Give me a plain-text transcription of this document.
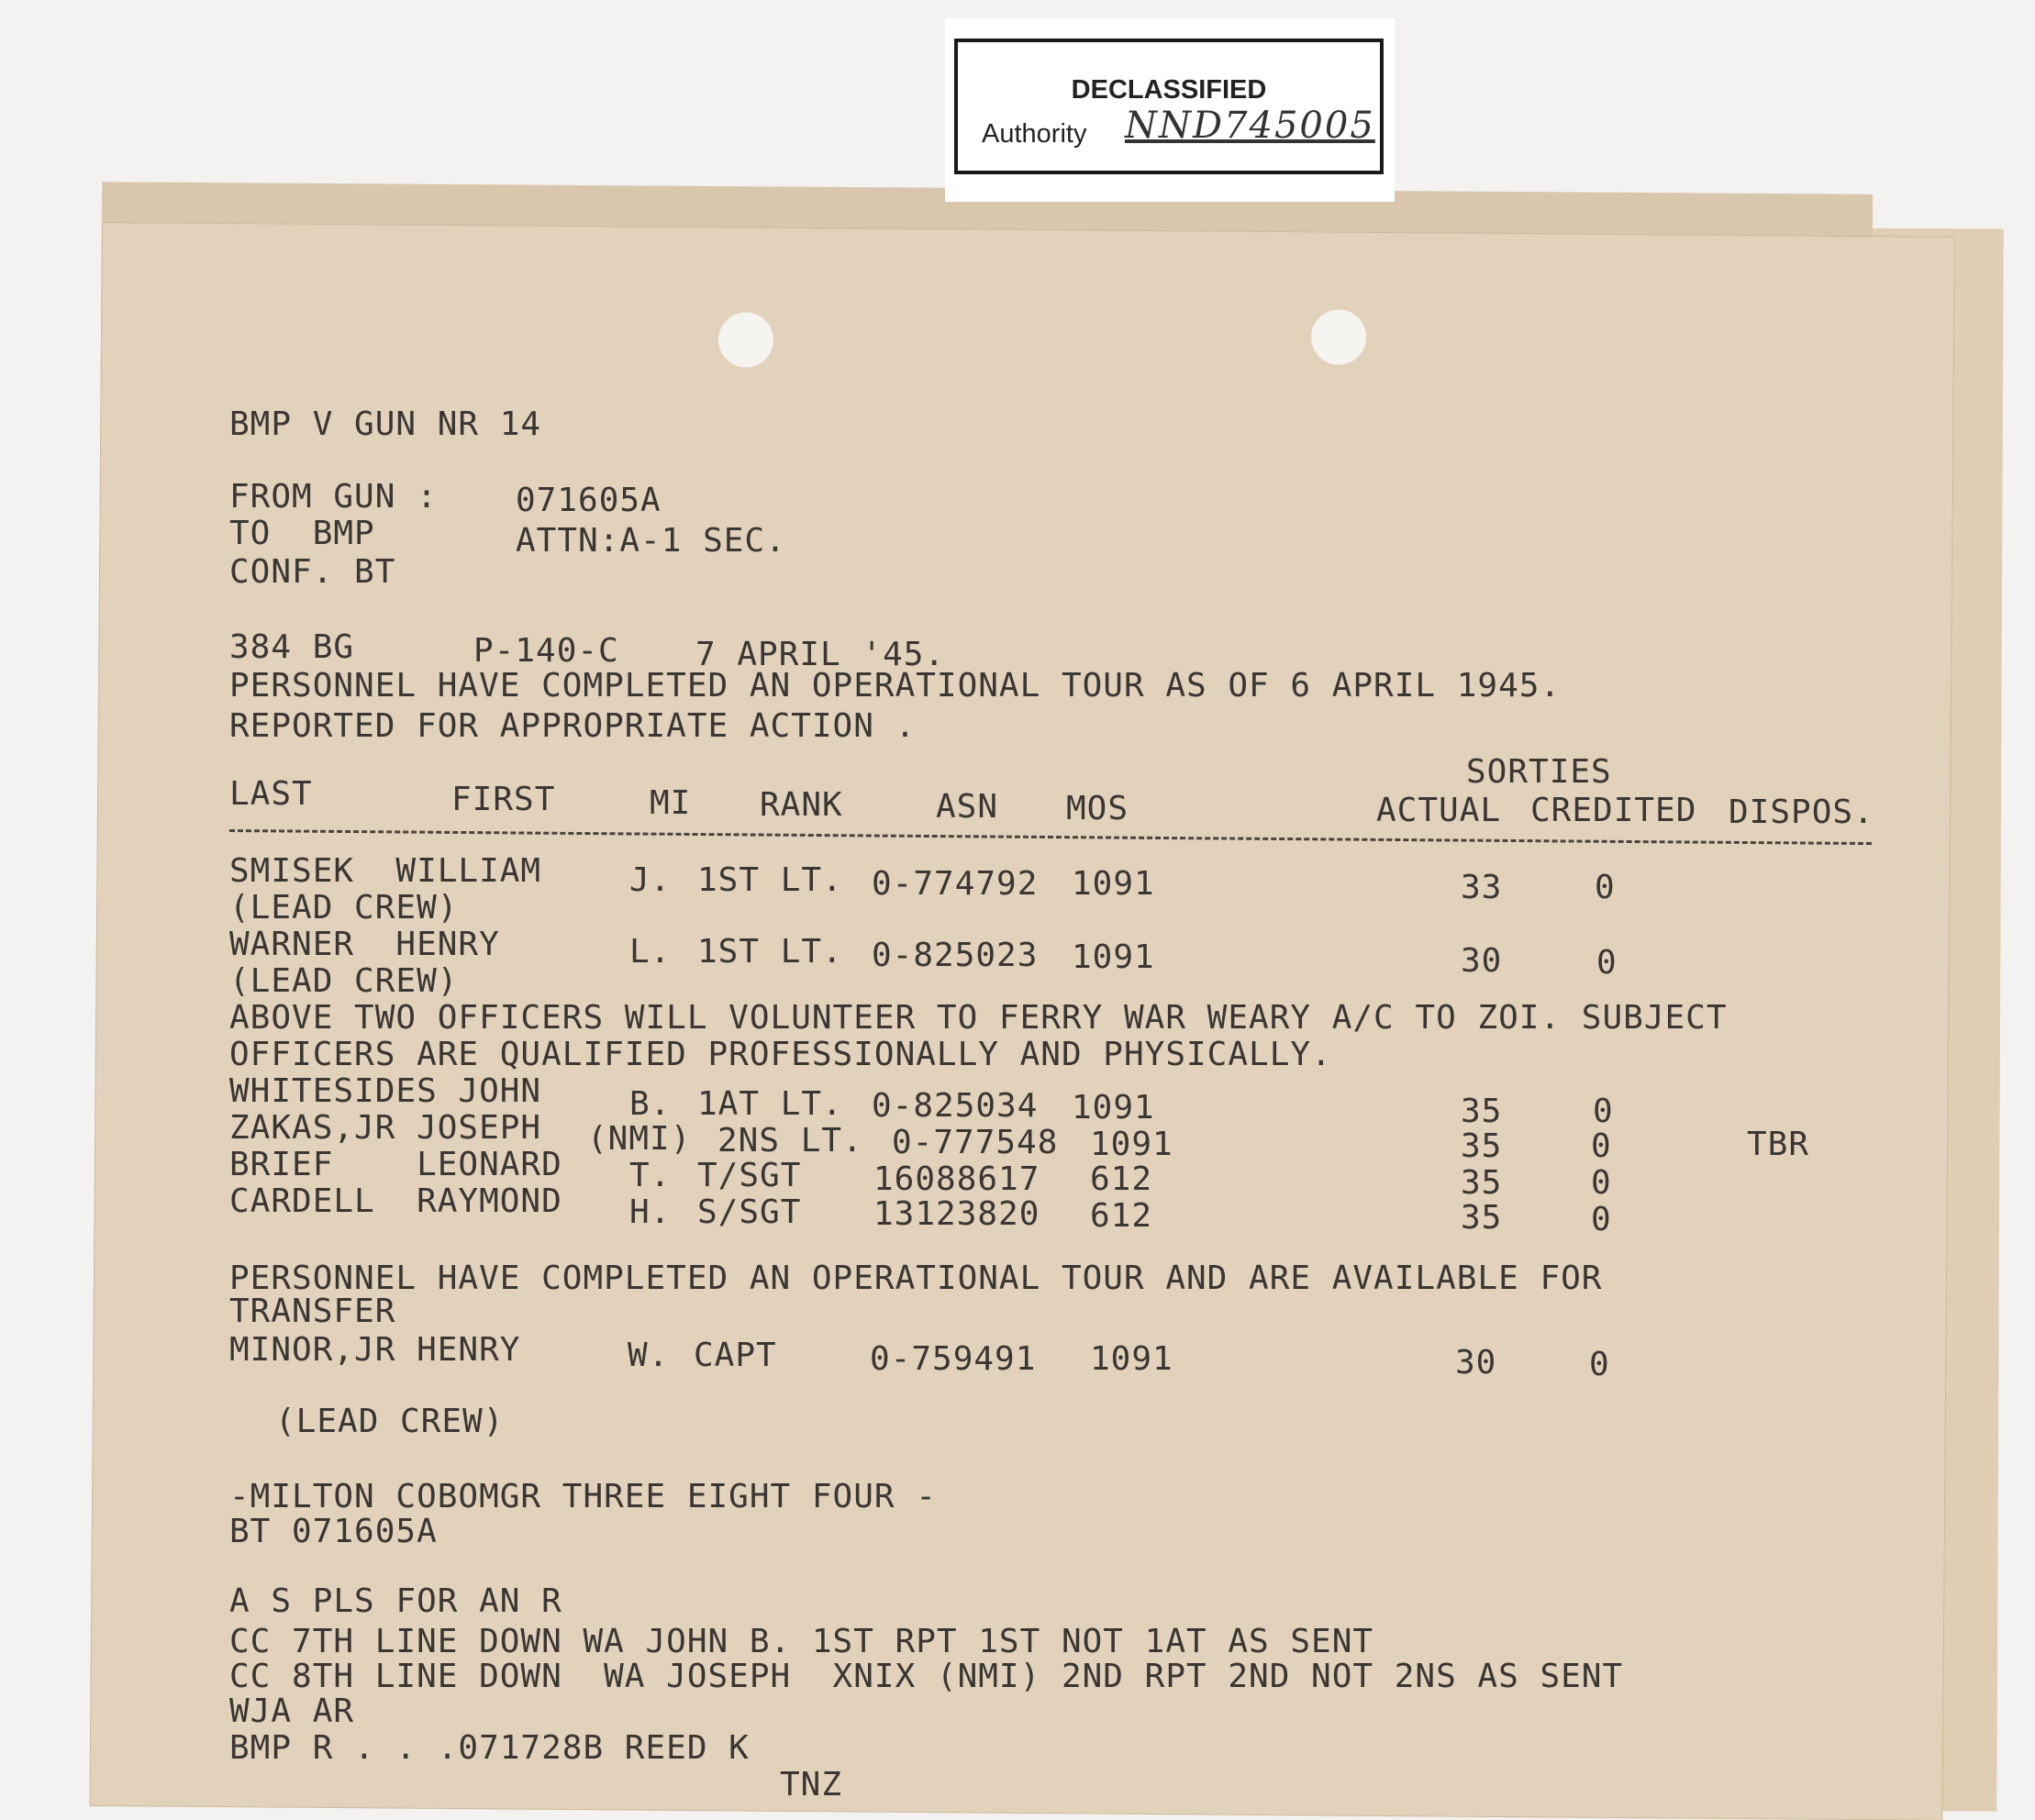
DECLASSIFIED
Authority NND745005
BMP V GUN NR 14
FROM GUN : 071605A
TO  BMP	ATTN:A-1 SEC.
CONF. BT
384 BG	P-140-C 7 APRIL '45.
PERSONNEL HAVE COMPLETED AN OPERATIONAL TOUR AS OF 6 APRIL 1945.
REPORTED FOR APPROPRIATE ACTION .
SORTIES
LAST	FIRST	MI RANK	ASN MOS	ACTUAL CREDITED DISPOS.
SMISEK  WILLIAM	J. 1ST LT. 0-774792 1091	33	0
(LEAD CREW)
WARNER  HENRY	L. 1ST LT. 0-825023 1091	30	0
(LEAD CREW)
ABOVE TWO OFFICERS WILL VOLUNTEER TO FERRY WAR WEARY A/C TO ZOI. SUBJECT
OFFICERS ARE QUALIFIED PROFESSIONALLY AND PHYSICALLY.
WHITESIDES JOHN	B. 1AT LT. 0-825034 1091	35	0
ZAKAS,JR JOSEPH (NMI) 2NS LT. 0-777548 1091	35	0	TBR
BRIEF    LEONARD T. T/SGT 16088617 612	35	0
CARDELL  RAYMOND H. S/SGT 13123820 612	35	0
PERSONNEL HAVE COMPLETED AN OPERATIONAL TOUR AND ARE AVAILABLE FOR
TRANSFER
MINOR,JR HENRY	W. CAPT	0-759491 1091	30	0
(LEAD CREW)
-MILTON COBOMGR THREE EIGHT FOUR -
BT 071605A
A S PLS FOR AN R
CC 7TH LINE DOWN WA JOHN B. 1ST RPT 1ST NOT 1AT AS SENT
CC 8TH LINE DOWN  WA JOSEPH  XNIX (NMI) 2ND RPT 2ND NOT 2NS AS SENT
WJA AR
BMP R . . .071728B REED K
TNZ
